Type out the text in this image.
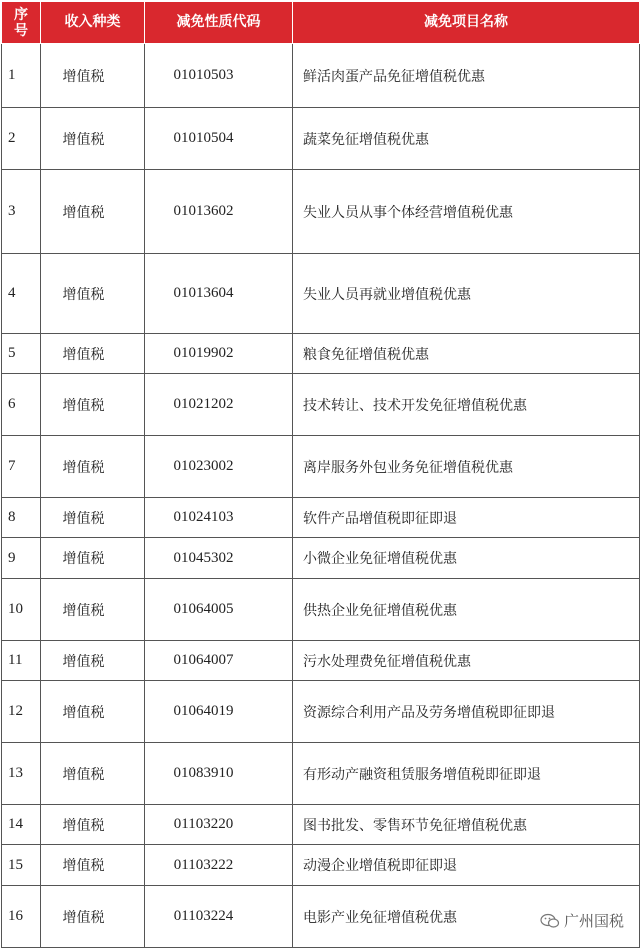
序
号	收入种类	减免性质代码	减免项目名称
1	增值税	01010503	鲜活肉蛋产品免征增值税优惠
2	增值税	01010504	蔬菜免征增值税优惠
3	增值税	01013602	失业人员从事个体经营增值税优惠
4	增值税	01013604	失业人员再就业增值税优惠
5	增值税	01019902	粮食免征增值税优惠
6	增值税	01021202	技术转让、技术开发免征增值税优惠
7	增值税	01023002	离岸服务外包业务免征增值税优惠
8	增值税	01024103	软件产品增值税即征即退
9	增值税	01045302	小微企业免征增值税优惠
10	增值税	01064005	供热企业免征增值税优惠
11	增值税	01064007	污水处理费免征增值税优惠
12	增值税	01064019	资源综合利用产品及劳务增值税即征即退
13	增值税	01083910	有形动产融资租赁服务增值税即征即退
14	增值税	01103220	图书批发、零售环节免征增值税优惠
15	增值税	01103222	动漫企业增值税即征即退
16	增值税	01103224	电影产业免征增值税优惠	广州国税
